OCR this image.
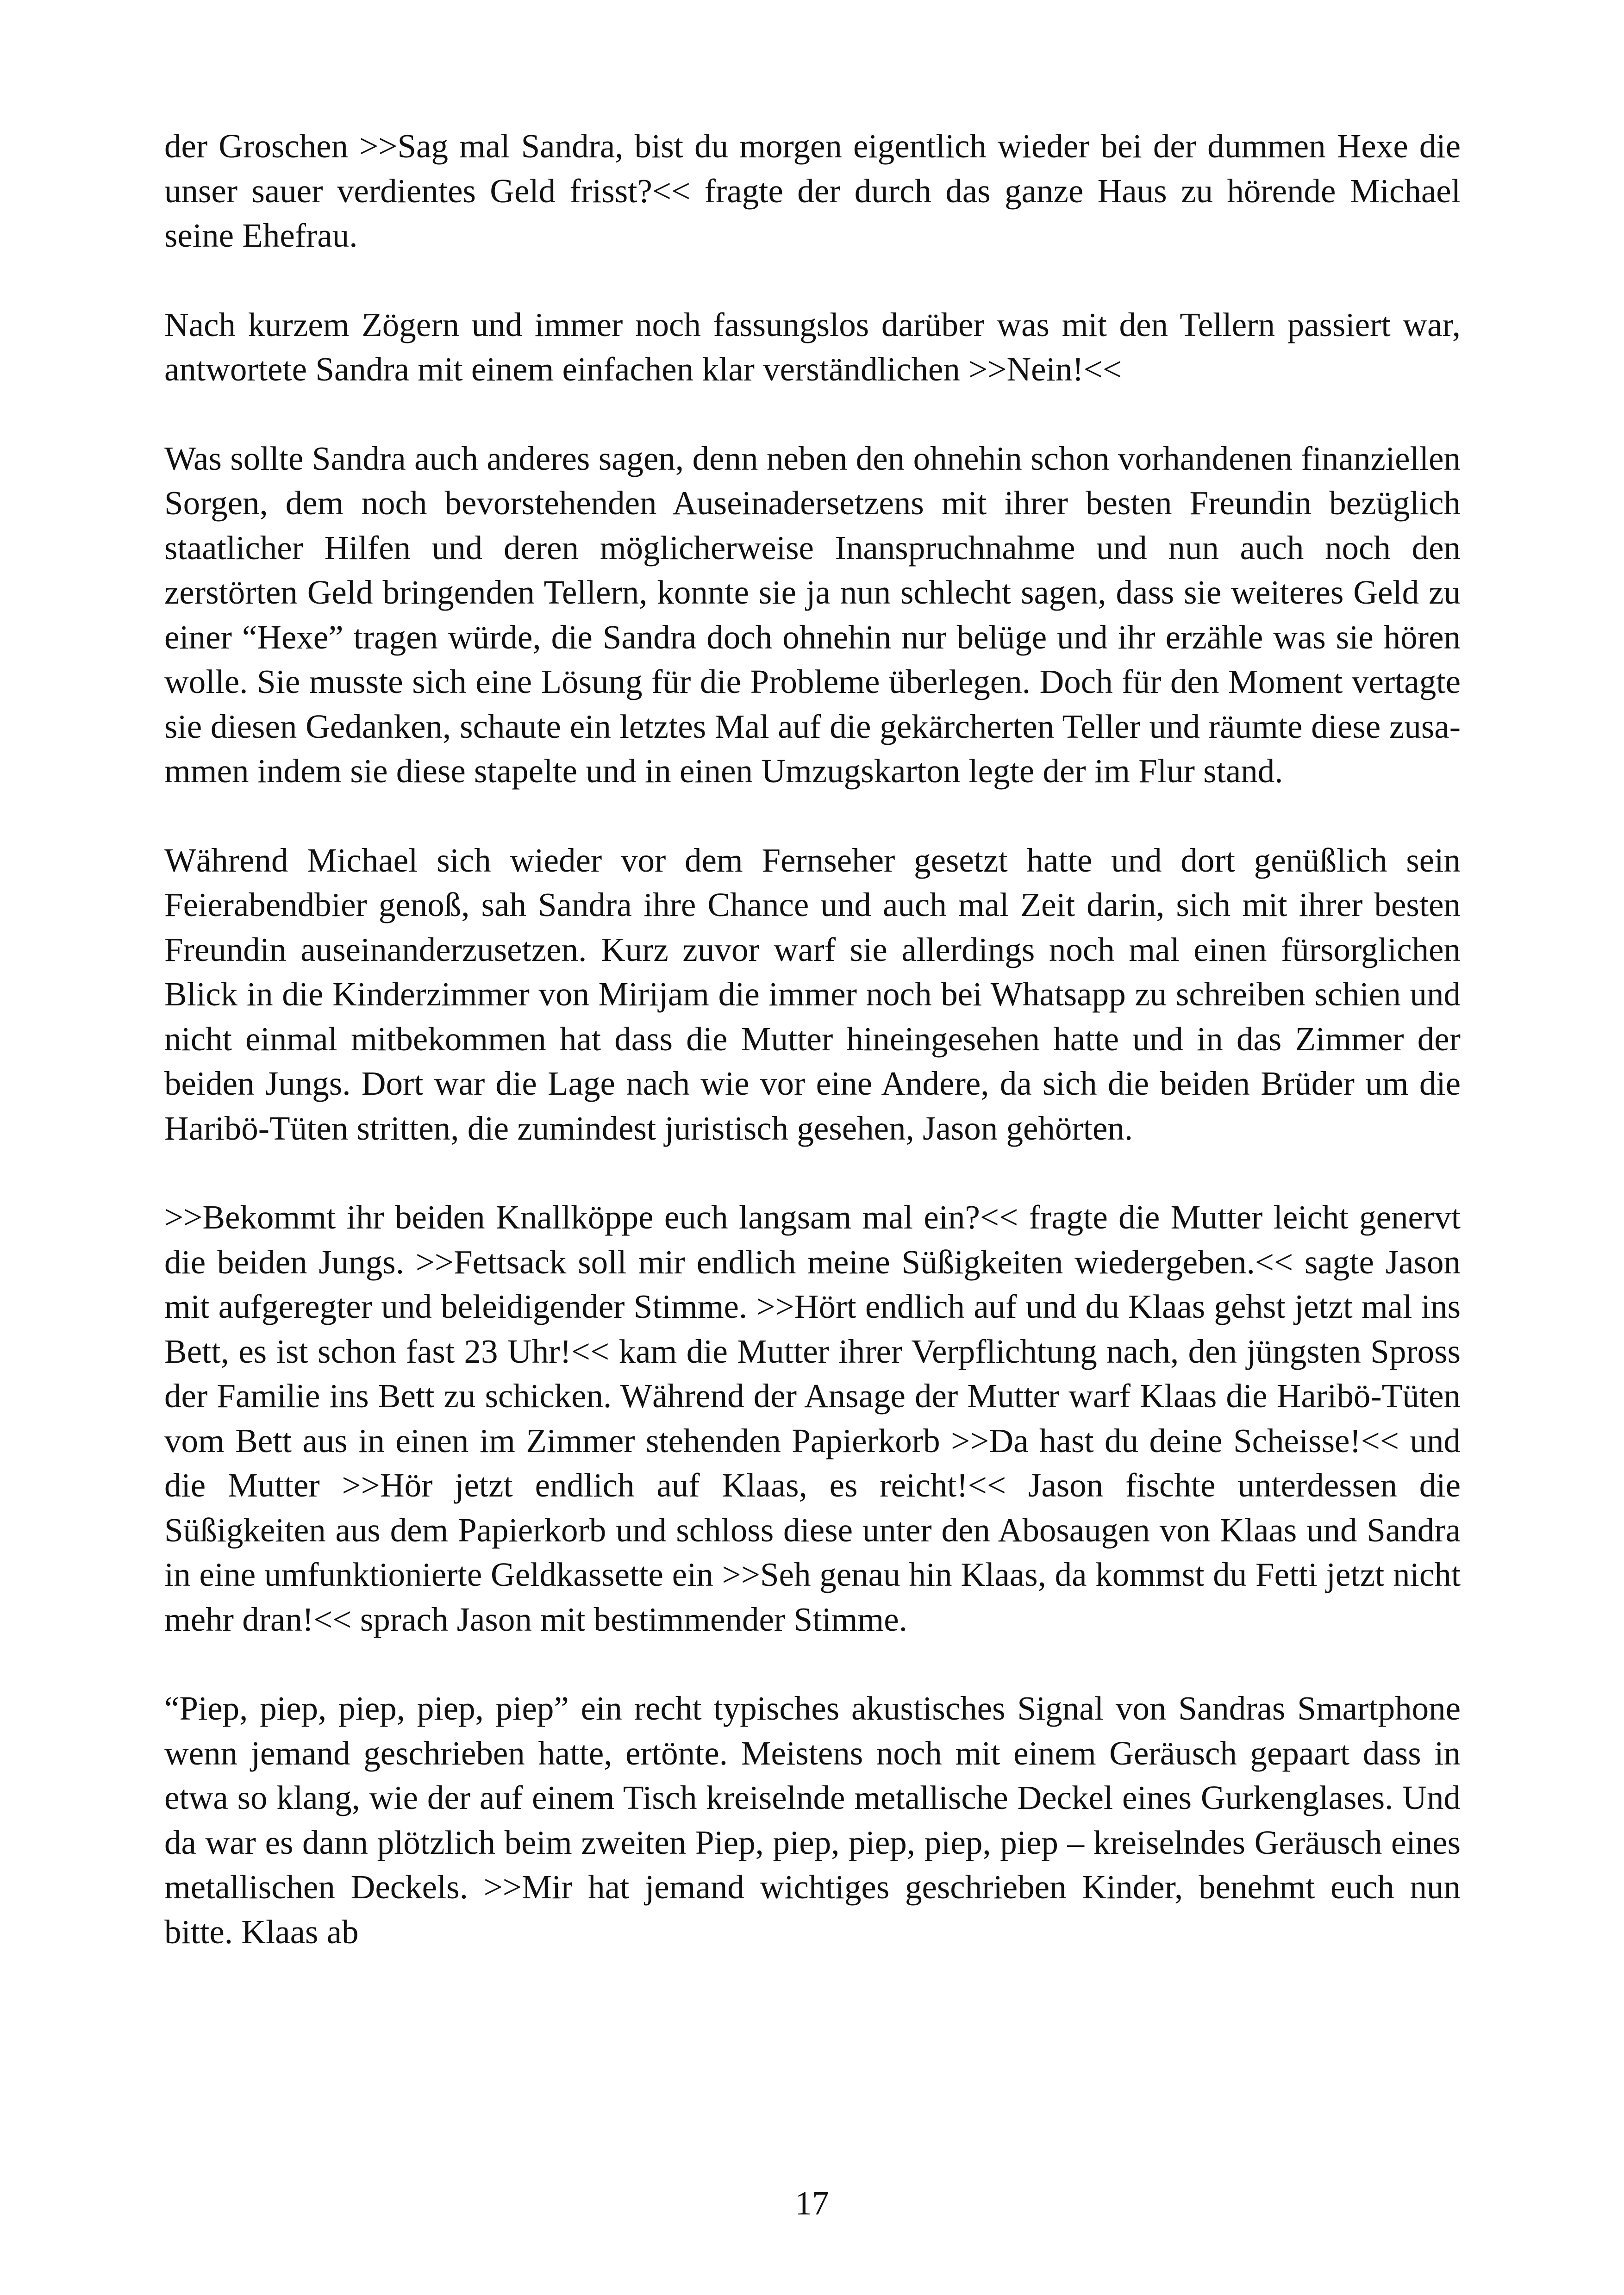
der Groschen >>Sag mal Sandra, bist du morgen eigentlich wieder bei der dummen Hexe die unser sauer verdientes Geld frisst?<< fragte der durch das ganze Haus zu hörende Michael seine Ehefrau.

Nach kurzem Zögern und immer noch fassungslos darüber was mit den Tellern passiert war, antwortete Sandra mit einem einfachen klar verständlichen >>Nein!<<

Was sollte Sandra auch anderes sagen, denn neben den ohnehin schon vorhandenen finanziellen Sorgen, dem noch bevorstehenden Auseinadersetzens mit ihrer besten Freundin bezüglich staatlicher Hilfen und deren möglicherweise Inanspruchnahme und nun auch noch den zerstörten Geld bringenden Tellern, konnte sie ja nun schlecht sagen, dass sie weiteres Geld zu einer “Hexe” tragen würde, die Sandra doch ohnehin nur belüge und ihr erzähle was sie hören wolle. Sie musste sich eine Lösung für die Probleme überlegen. Doch für den Moment vertagte sie diesen Gedanken, schaute ein letztes Mal auf die gekärcherten Teller und räumte diese zusammen indem sie diese stapelte und in einen Umzugskarton legte der im Flur stand.

Während Michael sich wieder vor dem Fernseher gesetzt hatte und dort genüßlich sein Feierabendbier genoß, sah Sandra ihre Chance und auch mal Zeit darin, sich mit ihrer besten Freundin auseinanderzusetzen. Kurz zuvor warf sie allerdings noch mal einen fürsorglichen Blick in die Kinderzimmer von Mirijam die immer noch bei Whatsapp zu schreiben schien und nicht einmal mitbekommen hat dass die Mutter hineingesehen hatte und in das Zimmer der beiden Jungs. Dort war die Lage nach wie vor eine Andere, da sich die beiden Brüder um die Haribö-Tüten stritten, die zumindest juristisch gesehen, Jason gehörten.

>>Bekommt ihr beiden Knallköppe euch langsam mal ein?<< fragte die Mutter leicht genervt die beiden Jungs. >>Fettsack soll mir endlich meine Süßigkeiten wiedergeben.<< sagte Jason mit aufgeregter und beleidigender Stimme. >>Hört endlich auf und du Klaas gehst jetzt mal ins Bett, es ist schon fast 23 Uhr!<< kam die Mutter ihrer Verpflichtung nach, den jüngsten Spross der Familie ins Bett zu schicken. Während der Ansage der Mutter warf Klaas die Haribö-Tüten vom Bett aus in einen im Zimmer stehenden Papierkorb >>Da hast du deine Scheisse!<< und die Mutter >>Hör jetzt endlich auf Klaas, es reicht!<< Jason fischte unterdessen die Süßigkeiten aus dem Papierkorb und schloss diese unter den Abosaugen von Klaas und Sandra in eine umfunktionierte Geldkassette ein >>Seh genau hin Klaas, da kommst du Fetti jetzt nicht mehr dran!<< sprach Jason mit bestimmender Stimme.

“Piep, piep, piep, piep, piep” ein recht typisches akustisches Signal von Sandras Smartphone wenn jemand geschrieben hatte, ertönte. Meistens noch mit einem Geräusch gepaart dass in etwa so klang, wie der auf einem Tisch kreiselnde metallische Deckel eines Gurkenglases. Und da war es dann plötzlich beim zweiten Piep, piep, piep, piep, piep – kreiselndes Geräusch eines metallischen Deckels. >>Mir hat jemand wichtiges geschrieben Kinder, benehmt euch nun bitte. Klaas ab

17
